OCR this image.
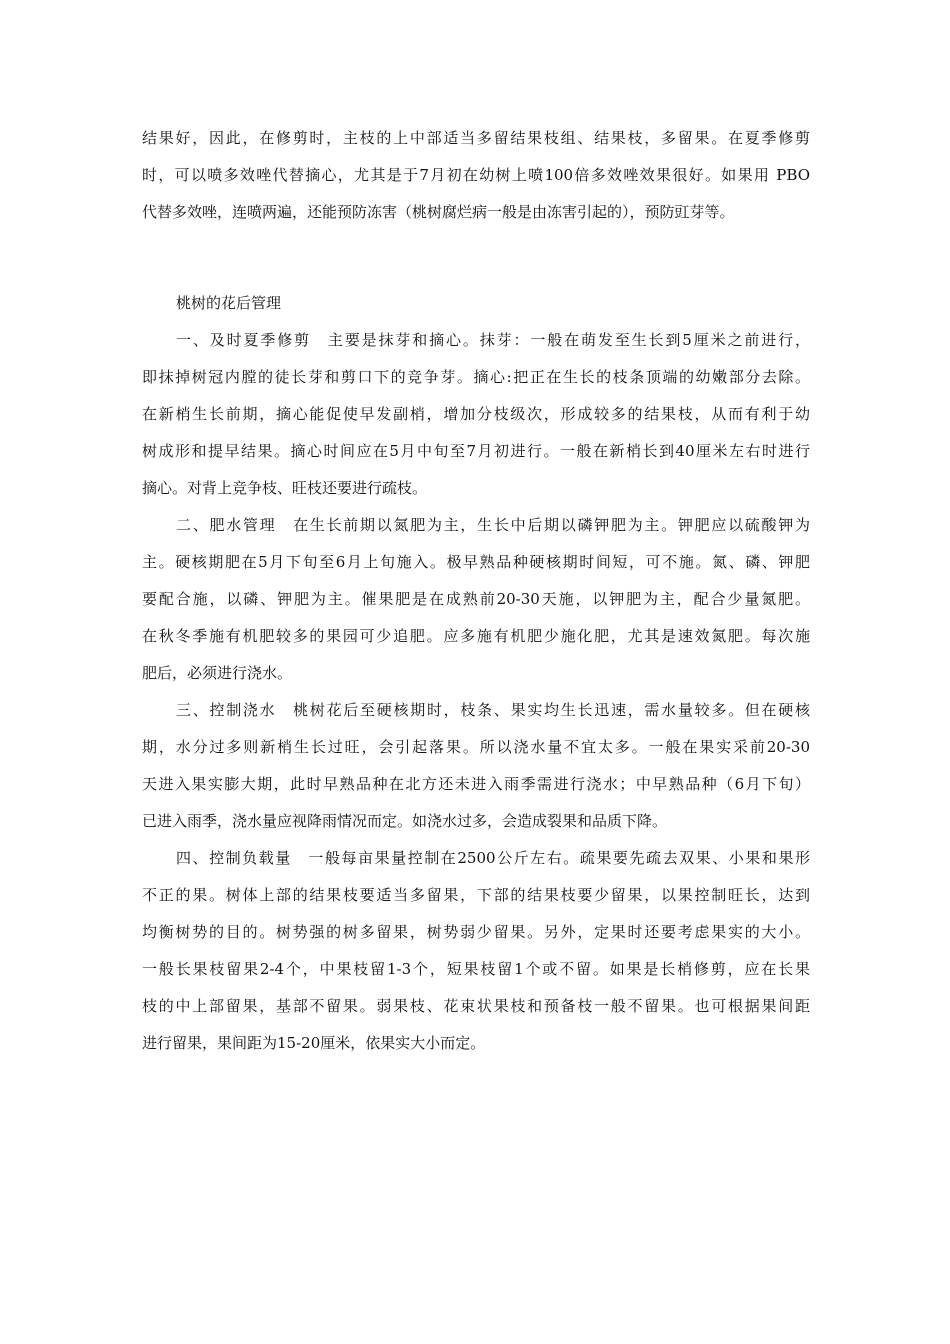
结果好，因此，在修剪时，主枝的上中部适当多留结果枝组、结果枝，多留果。在夏季修剪
时，可以喷多效唑代替摘心，尤其是于7月初在幼树上喷100倍多效唑效果很好。如果用 PBO
代替多效唑，连喷两遍，还能预防冻害（桃树腐烂病一般是由冻害引起的），预防豇芽等。
桃树的花后管理
一、及时夏季修剪　主要是抹芽和摘心。抹芽：一般在萌发至生长到5厘米之前进行，
即抹掉树冠内膛的徒长芽和剪口下的竞争芽。摘心:把正在生长的枝条顶端的幼嫩部分去除。
在新梢生长前期，摘心能促使早发副梢，增加分枝级次，形成较多的结果枝，从而有利于幼
树成形和提早结果。摘心时间应在5月中旬至7月初进行。一般在新梢长到40厘米左右时进行
摘心。对背上竞争枝、旺枝还要进行疏枝。
二、肥水管理　在生长前期以氮肥为主，生长中后期以磷钾肥为主。钾肥应以硫酸钾为
主。硬核期肥在5月下旬至6月上旬施入。极早熟品种硬核期时间短，可不施。氮、磷、钾肥
要配合施，以磷、钾肥为主。催果肥是在成熟前20-30天施，以钾肥为主，配合少量氮肥。
在秋冬季施有机肥较多的果园可少追肥。应多施有机肥少施化肥，尤其是速效氮肥。每次施
肥后，必须进行浇水。
三、控制浇水　桃树花后至硬核期时，枝条、果实均生长迅速，需水量较多。但在硬核
期，水分过多则新梢生长过旺，会引起落果。所以浇水量不宜太多。一般在果实采前20-30
天进入果实膨大期，此时早熟品种在北方还未进入雨季需进行浇水；中早熟品种（6月下旬）
已进入雨季，浇水量应视降雨情况而定。如浇水过多，会造成裂果和品质下降。
四、控制负载量　一般每亩果量控制在2500公斤左右。疏果要先疏去双果、小果和果形
不正的果。树体上部的结果枝要适当多留果，下部的结果枝要少留果，以果控制旺长，达到
均衡树势的目的。树势强的树多留果，树势弱少留果。另外，定果时还要考虑果实的大小。
一般长果枝留果2-4个，中果枝留1-3个，短果枝留1个或不留。如果是长梢修剪，应在长果
枝的中上部留果，基部不留果。弱果枝、花束状果枝和预备枝一般不留果。也可根据果间距
进行留果，果间距为15-20厘米，依果实大小而定。
